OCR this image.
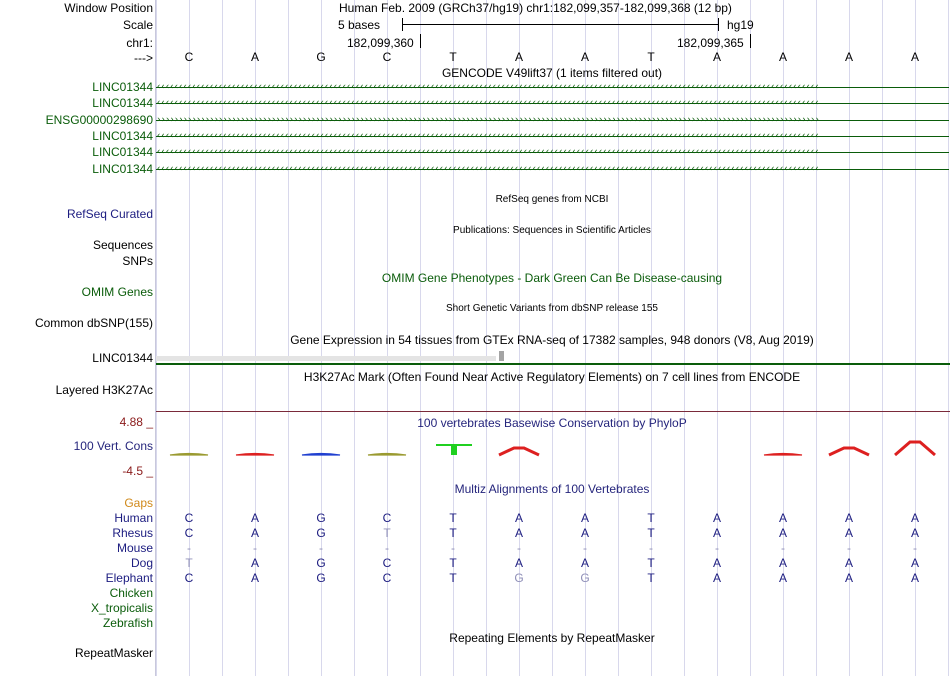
Window Position
Scale
chr1:
--->
Human Feb. 2009 (GRCh37/hg19) chr1:182,099,357-182,099,368 (12 bp)
5 bases	hg19
182,099,360	182,099,365
C	A	G	C	T	A	A	T	A	A	A	A
GENCODE V49lift37 (1 items filtered out)
LINC01344 ‹‹‹‹‹‹‹‹‹‹‹‹‹‹‹‹‹‹‹‹‹‹‹‹‹‹‹‹‹‹‹‹‹‹‹‹‹‹‹‹‹‹‹‹‹‹‹‹‹‹‹‹‹‹‹‹‹‹‹‹‹‹‹‹‹‹‹‹‹‹‹‹‹‹‹‹‹‹‹‹‹‹‹‹‹‹‹‹‹‹‹‹‹‹‹‹‹‹‹‹‹‹‹‹‹‹‹‹‹‹‹‹‹‹‹‹‹‹‹‹‹‹‹‹‹‹‹‹‹‹‹‹‹‹‹‹‹‹‹‹‹‹‹‹‹‹‹‹‹‹
LINC01344 ‹‹‹‹‹‹‹‹‹‹‹‹‹‹‹‹‹‹‹‹‹‹‹‹‹‹‹‹‹‹‹‹‹‹‹‹‹‹‹‹‹‹‹‹‹‹‹‹‹‹‹‹‹‹‹‹‹‹‹‹‹‹‹‹‹‹‹‹‹‹‹‹‹‹‹‹‹‹‹‹‹‹‹‹‹‹‹‹‹‹‹‹‹‹‹‹‹‹‹‹‹‹‹‹‹‹‹‹‹‹‹‹‹‹‹‹‹‹‹‹‹‹‹‹‹‹‹‹‹‹‹‹‹‹‹‹‹‹‹‹‹‹‹‹‹‹‹‹‹‹
ENSG00000298690 ››››››››››››››››››››››››››››››››››››››››››››››››››››››››››››››››››››››››››››››››››››››››››››››››››››››››››››››››››››››››››››››››››››››››››››››››››››››
LINC01344 ‹‹‹‹‹‹‹‹‹‹‹‹‹‹‹‹‹‹‹‹‹‹‹‹‹‹‹‹‹‹‹‹‹‹‹‹‹‹‹‹‹‹‹‹‹‹‹‹‹‹‹‹‹‹‹‹‹‹‹‹‹‹‹‹‹‹‹‹‹‹‹‹‹‹‹‹‹‹‹‹‹‹‹‹‹‹‹‹‹‹‹‹‹‹‹‹‹‹‹‹‹‹‹‹‹‹‹‹‹‹‹‹‹‹‹‹‹‹‹‹‹‹‹‹‹‹‹‹‹‹‹‹‹‹‹‹‹‹‹‹‹‹‹‹‹‹‹‹‹‹
LINC01344 ‹‹‹‹‹‹‹‹‹‹‹‹‹‹‹‹‹‹‹‹‹‹‹‹‹‹‹‹‹‹‹‹‹‹‹‹‹‹‹‹‹‹‹‹‹‹‹‹‹‹‹‹‹‹‹‹‹‹‹‹‹‹‹‹‹‹‹‹‹‹‹‹‹‹‹‹‹‹‹‹‹‹‹‹‹‹‹‹‹‹‹‹‹‹‹‹‹‹‹‹‹‹‹‹‹‹‹‹‹‹‹‹‹‹‹‹‹‹‹‹‹‹‹‹‹‹‹‹‹‹‹‹‹‹‹‹‹‹‹‹‹‹‹‹‹‹‹‹‹‹
LINC01344 ‹‹‹‹‹‹‹‹‹‹‹‹‹‹‹‹‹‹‹‹‹‹‹‹‹‹‹‹‹‹‹‹‹‹‹‹‹‹‹‹‹‹‹‹‹‹‹‹‹‹‹‹‹‹‹‹‹‹‹‹‹‹‹‹‹‹‹‹‹‹‹‹‹‹‹‹‹‹‹‹‹‹‹‹‹‹‹‹‹‹‹‹‹‹‹‹‹‹‹‹‹‹‹‹‹‹‹‹‹‹‹‹‹‹‹‹‹‹‹‹‹‹‹‹‹‹‹‹‹‹‹‹‹‹‹‹‹‹‹‹‹‹‹‹‹‹‹‹‹‹
RefSeq genes from NCBI
RefSeq Curated
Publications: Sequences in Scientific Articles
Sequences
SNPs
OMIM Gene Phenotypes - Dark Green Can Be Disease-causing
OMIM Genes
Short Genetic Variants from dbSNP release 155
Common dbSNP(155)
Gene Expression in 54 tissues from GTEx RNA-seq of 17382 samples, 948 donors (V8, Aug 2019)
LINC01344
H3K27Ac Mark (Often Found Near Active Regulatory Elements) on 7 cell lines from ENCODE
Layered H3K27Ac
100 vertebrates Basewise Conservation by PhyloP
4.88 _
100 Vert. Cons
-4.5 _
Multiz Alignments of 100 Vertebrates
Gaps
Human	C	A	G	C	T	A	A	T	A	A	A	A
Rhesus	C	A	G	T	T	A	A	T	A	A	A	A
Mouse	-	-	-	-	-	-	-	-	-	-	-	-
Dog	T	A	G	C	T	A	A	T	A	A	A	A
Elephant	C	A	G	C	T	G	G	T	A	A	A	A
Chicken
X_tropicalis
Zebrafish
Repeating Elements by RepeatMasker
RepeatMasker
